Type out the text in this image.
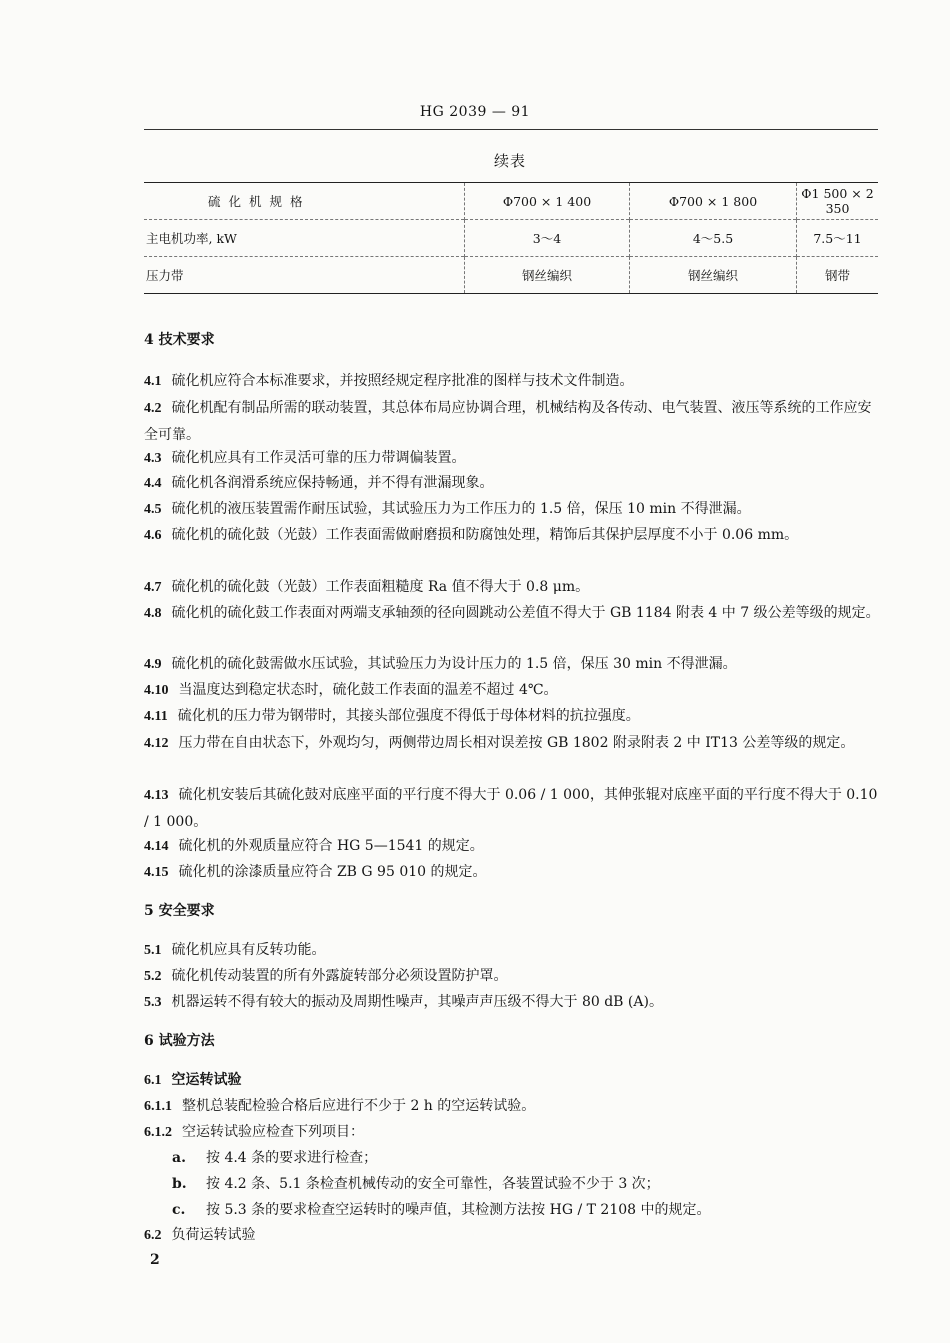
HG 2039 — 91
续表
硫化机规格	Φ700 × 1 400	Φ700 × 1 800	Φ1 500 × 2 350
主电机功率, kW	3～4	4～5.5	7.5～11
压力带	钢丝编织	钢丝编织	钢带
4 技术要求
4.1 硫化机应符合本标准要求，并按照经规定程序批准的图样与技术文件制造。
4.2 硫化机配有制品所需的联动装置，其总体布局应协调合理，机械结构及各传动、电气装置、液压等系统的工作应安全可靠。
4.3 硫化机应具有工作灵活可靠的压力带调偏装置。
4.4 硫化机各润滑系统应保持畅通，并不得有泄漏现象。
4.5 硫化机的液压装置需作耐压试验，其试验压力为工作压力的 1.5 倍，保压 10 min 不得泄漏。
4.6 硫化机的硫化鼓（光鼓）工作表面需做耐磨损和防腐蚀处理，精饰后其保护层厚度不小于 0.06 mm。
4.7 硫化机的硫化鼓（光鼓）工作表面粗糙度 Ra 值不得大于 0.8 μm。
4.8 硫化机的硫化鼓工作表面对两端支承轴颈的径向圆跳动公差值不得大于 GB 1184 附表 4 中 7 级公差等级的规定。
4.9 硫化机的硫化鼓需做水压试验，其试验压力为设计压力的 1.5 倍，保压 30 min 不得泄漏。
4.10 当温度达到稳定状态时，硫化鼓工作表面的温差不超过 4℃。
4.11 硫化机的压力带为钢带时，其接头部位强度不得低于母体材料的抗拉强度。
4.12 压力带在自由状态下，外观均匀，两侧带边周长相对误差按 GB 1802 附录附表 2 中 IT13 公差等级的规定。
4.13 硫化机安装后其硫化鼓对底座平面的平行度不得大于 0.06 / 1 000，其伸张辊对底座平面的平行度不得大于 0.10 / 1 000。
4.14 硫化机的外观质量应符合 HG 5—1541 的规定。
4.15 硫化机的涂漆质量应符合 ZB G 95 010 的规定。
5 安全要求
5.1 硫化机应具有反转功能。
5.2 硫化机传动装置的所有外露旋转部分必须设置防护罩。
5.3 机器运转不得有较大的振动及周期性噪声，其噪声声压级不得大于 80 dB (A)。
6 试验方法
6.1 空运转试验
6.1.1 整机总装配检验合格后应进行不少于 2 h 的空运转试验。
6.1.2 空运转试验应检查下列项目：
a. 按 4.4 条的要求进行检查；
b. 按 4.2 条、5.1 条检查机械传动的安全可靠性，各装置试验不少于 3 次；
c. 按 5.3 条的要求检查空运转时的噪声值，其检测方法按 HG / T 2108 中的规定。
6.2 负荷运转试验
2
